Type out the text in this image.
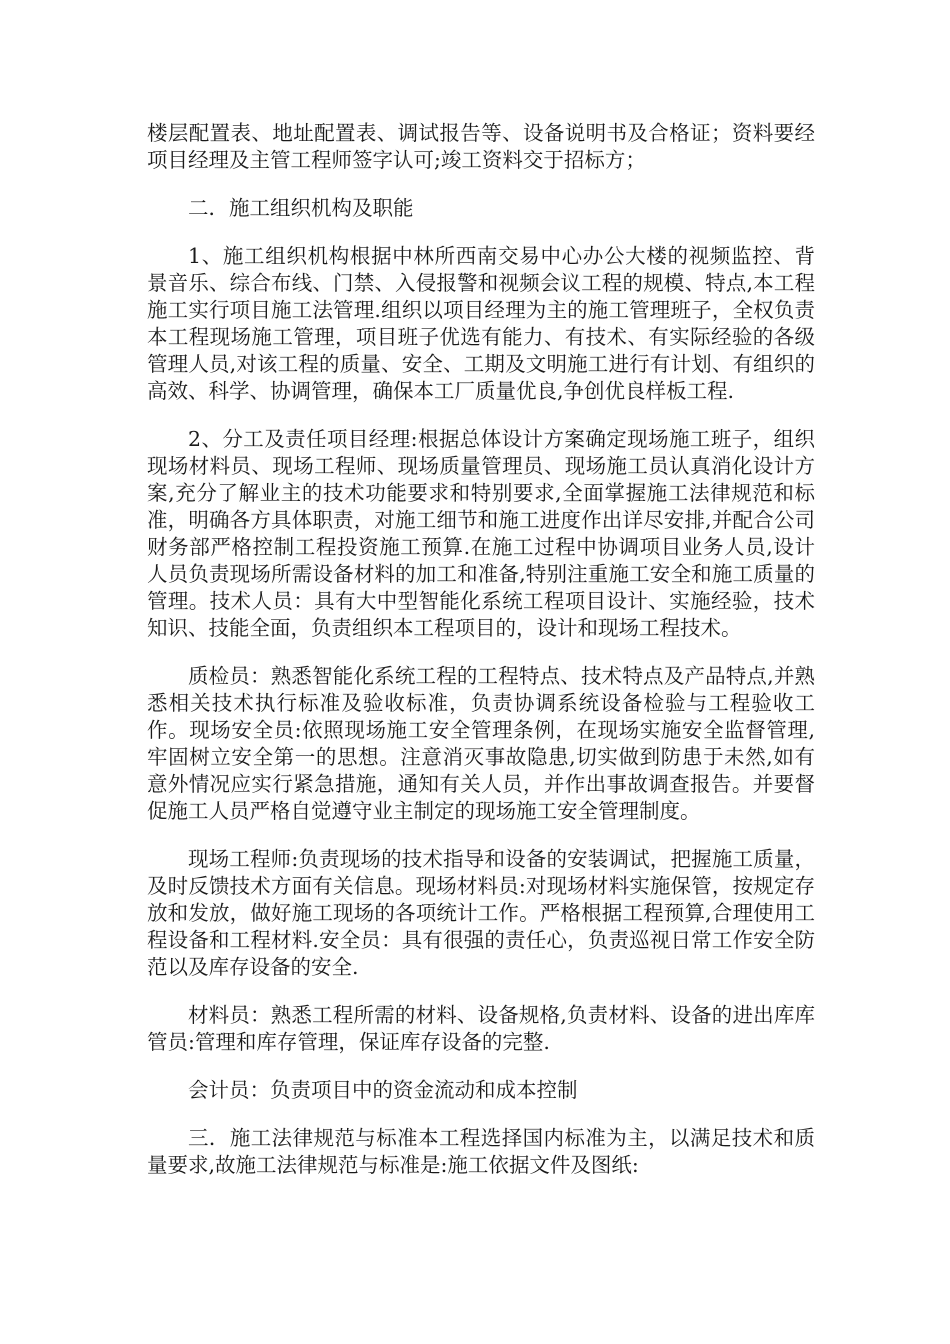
楼层配置表、地址配置表、调试报告等、设备说明书及合格证；资料要经项目经理及主管工程师签字认可;竣工资料交于招标方；

二．施工组织机构及职能

1、施工组织机构根据中林所西南交易中心办公大楼的视频监控、背景音乐、综合布线、门禁、入侵报警和视频会议工程的规模、特点,本工程施工实行项目施工法管理.组织以项目经理为主的施工管理班子，全权负责本工程现场施工管理，项目班子优选有能力、有技术、有实际经验的各级管理人员,对该工程的质量、安全、工期及文明施工进行有计划、有组织的高效、科学、协调管理，确保本工厂质量优良,争创优良样板工程.

2、分工及责任项目经理:根据总体设计方案确定现场施工班子，组织现场材料员、现场工程师、现场质量管理员、现场施工员认真消化设计方案,充分了解业主的技术功能要求和特别要求,全面掌握施工法律规范和标准，明确各方具体职责，对施工细节和施工进度作出详尽安排,并配合公司财务部严格控制工程投资施工预算.在施工过程中协调项目业务人员,设计人员负责现场所需设备材料的加工和准备,特别注重施工安全和施工质量的管理。技术人员：具有大中型智能化系统工程项目设计、实施经验，技术知识、技能全面，负责组织本工程项目的，设计和现场工程技术。

质检员：熟悉智能化系统工程的工程特点、技术特点及产品特点,并熟悉相关技术执行标准及验收标准，负责协调系统设备检验与工程验收工作。现场安全员:依照现场施工安全管理条例，在现场实施安全监督管理,牢固树立安全第一的思想。注意消灭事故隐患,切实做到防患于未然,如有意外情况应实行紧急措施，通知有关人员，并作出事故调查报告。并要督促施工人员严格自觉遵守业主制定的现场施工安全管理制度。

现场工程师:负责现场的技术指导和设备的安装调试，把握施工质量，及时反馈技术方面有关信息。现场材料员:对现场材料实施保管，按规定存放和发放，做好施工现场的各项统计工作。严格根据工程预算,合理使用工程设备和工程材料.安全员：具有很强的责任心，负责巡视日常工作安全防范以及库存设备的安全.

材料员：熟悉工程所需的材料、设备规格,负责材料、设备的进出库库管员:管理和库存管理，保证库存设备的完整.

会计员：负责项目中的资金流动和成本控制

三．施工法律规范与标准本工程选择国内标准为主，以满足技术和质量要求,故施工法律规范与标准是:施工依据文件及图纸:
